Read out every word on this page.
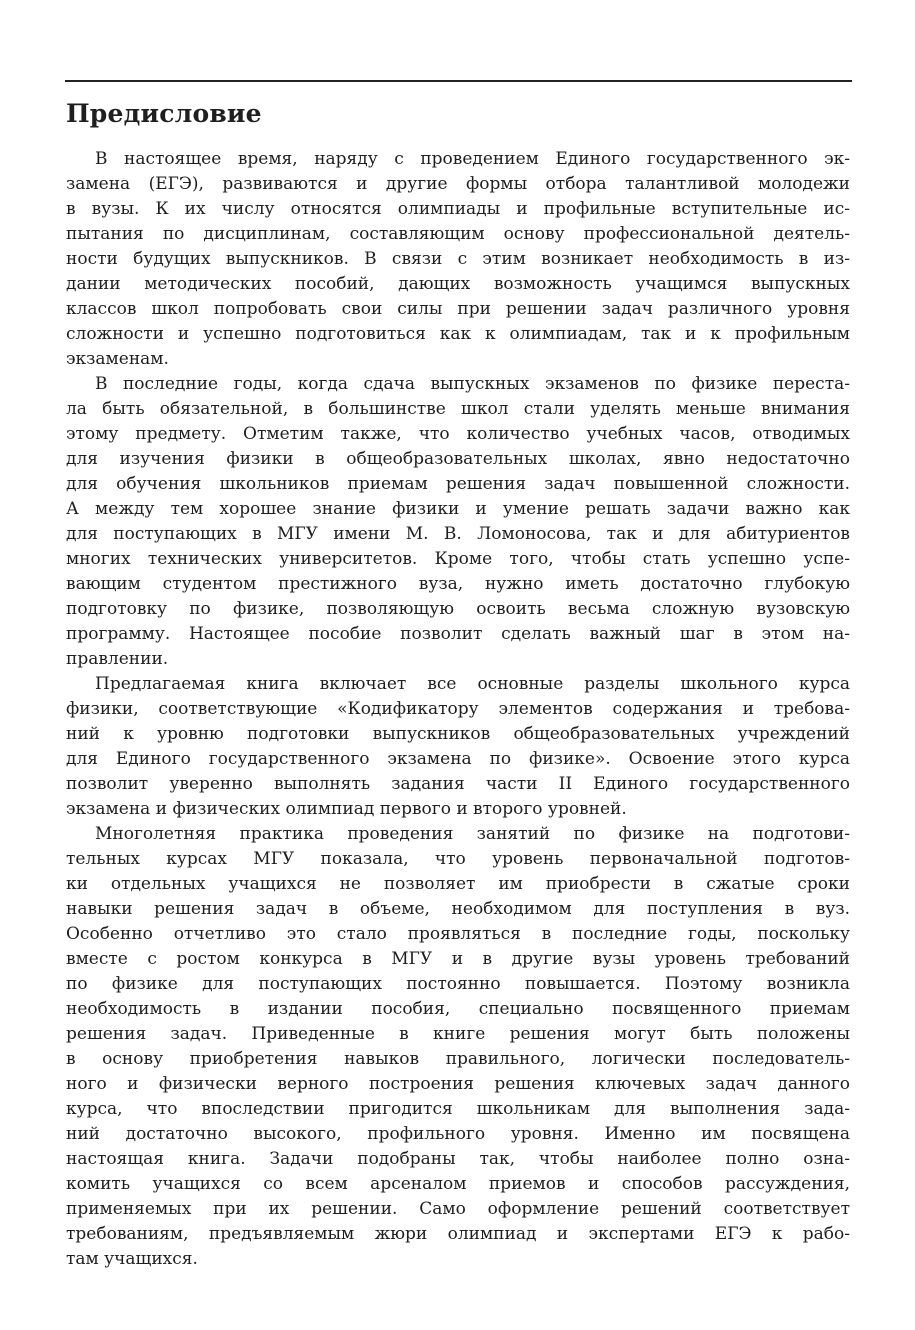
Предисловие
В настоящее время, наряду с проведением Единого государственного эк-
замена (ЕГЭ), развиваются и другие формы отбора талантливой молодежи
в вузы. К их числу относятся олимпиады и профильные вступительные ис-
пытания по дисциплинам, составляющим основу профессиональной деятель-
ности будущих выпускников. В связи с этим возникает необходимость в из-
дании методических пособий, дающих возможность учащимся выпускных
классов школ попробовать свои силы при решении задач различного уровня
сложности и успешно подготовиться как к олимпиадам, так и к профильным
экзаменам.
В последние годы, когда сдача выпускных экзаменов по физике переста-
ла быть обязательной, в большинстве школ стали уделять меньше внимания
этому предмету. Отметим также, что количество учебных часов, отводимых
для изучения физики в общеобразовательных школах, явно недостаточно
для обучения школьников приемам решения задач повышенной сложности.
А между тем хорошее знание физики и умение решать задачи важно как
для поступающих в МГУ имени М. В. Ломоносова, так и для абитуриентов
многих технических университетов. Кроме того, чтобы стать успешно успе-
вающим студентом престижного вуза, нужно иметь достаточно глубокую
подготовку по физике, позволяющую освоить весьма сложную вузовскую
программу. Настоящее пособие позволит сделать важный шаг в этом на-
правлении.
Предлагаемая книга включает все основные разделы школьного курса
физики, соответствующие «Кодификатору элементов содержания и требова-
ний к уровню подготовки выпускников общеобразовательных учреждений
для Единого государственного экзамена по физике». Освоение этого курса
позволит уверенно выполнять задания части II Единого государственного
экзамена и физических олимпиад первого и второго уровней.
Многолетняя практика проведения занятий по физике на подготови-
тельных курсах МГУ показала, что уровень первоначальной подготов-
ки отдельных учащихся не позволяет им приобрести в сжатые сроки
навыки решения задач в объеме, необходимом для поступления в вуз.
Особенно отчетливо это стало проявляться в последние годы, поскольку
вместе с ростом конкурса в МГУ и в другие вузы уровень требований
по физике для поступающих постоянно повышается. Поэтому возникла
необходимость в издании пособия, специально посвященного приемам
решения задач. Приведенные в книге решения могут быть положены
в основу приобретения навыков правильного, логически последователь-
ного и физически верного построения решения ключевых задач данного
курса, что впоследствии пригодится школьникам для выполнения зада-
ний достаточно высокого, профильного уровня. Именно им посвящена
настоящая книга. Задачи подобраны так, чтобы наиболее полно озна-
комить учащихся со всем арсеналом приемов и способов рассуждения,
применяемых при их решении. Само оформление решений соответствует
требованиям, предъявляемым жюри олимпиад и экспертами ЕГЭ к рабо-
там учащихся.
